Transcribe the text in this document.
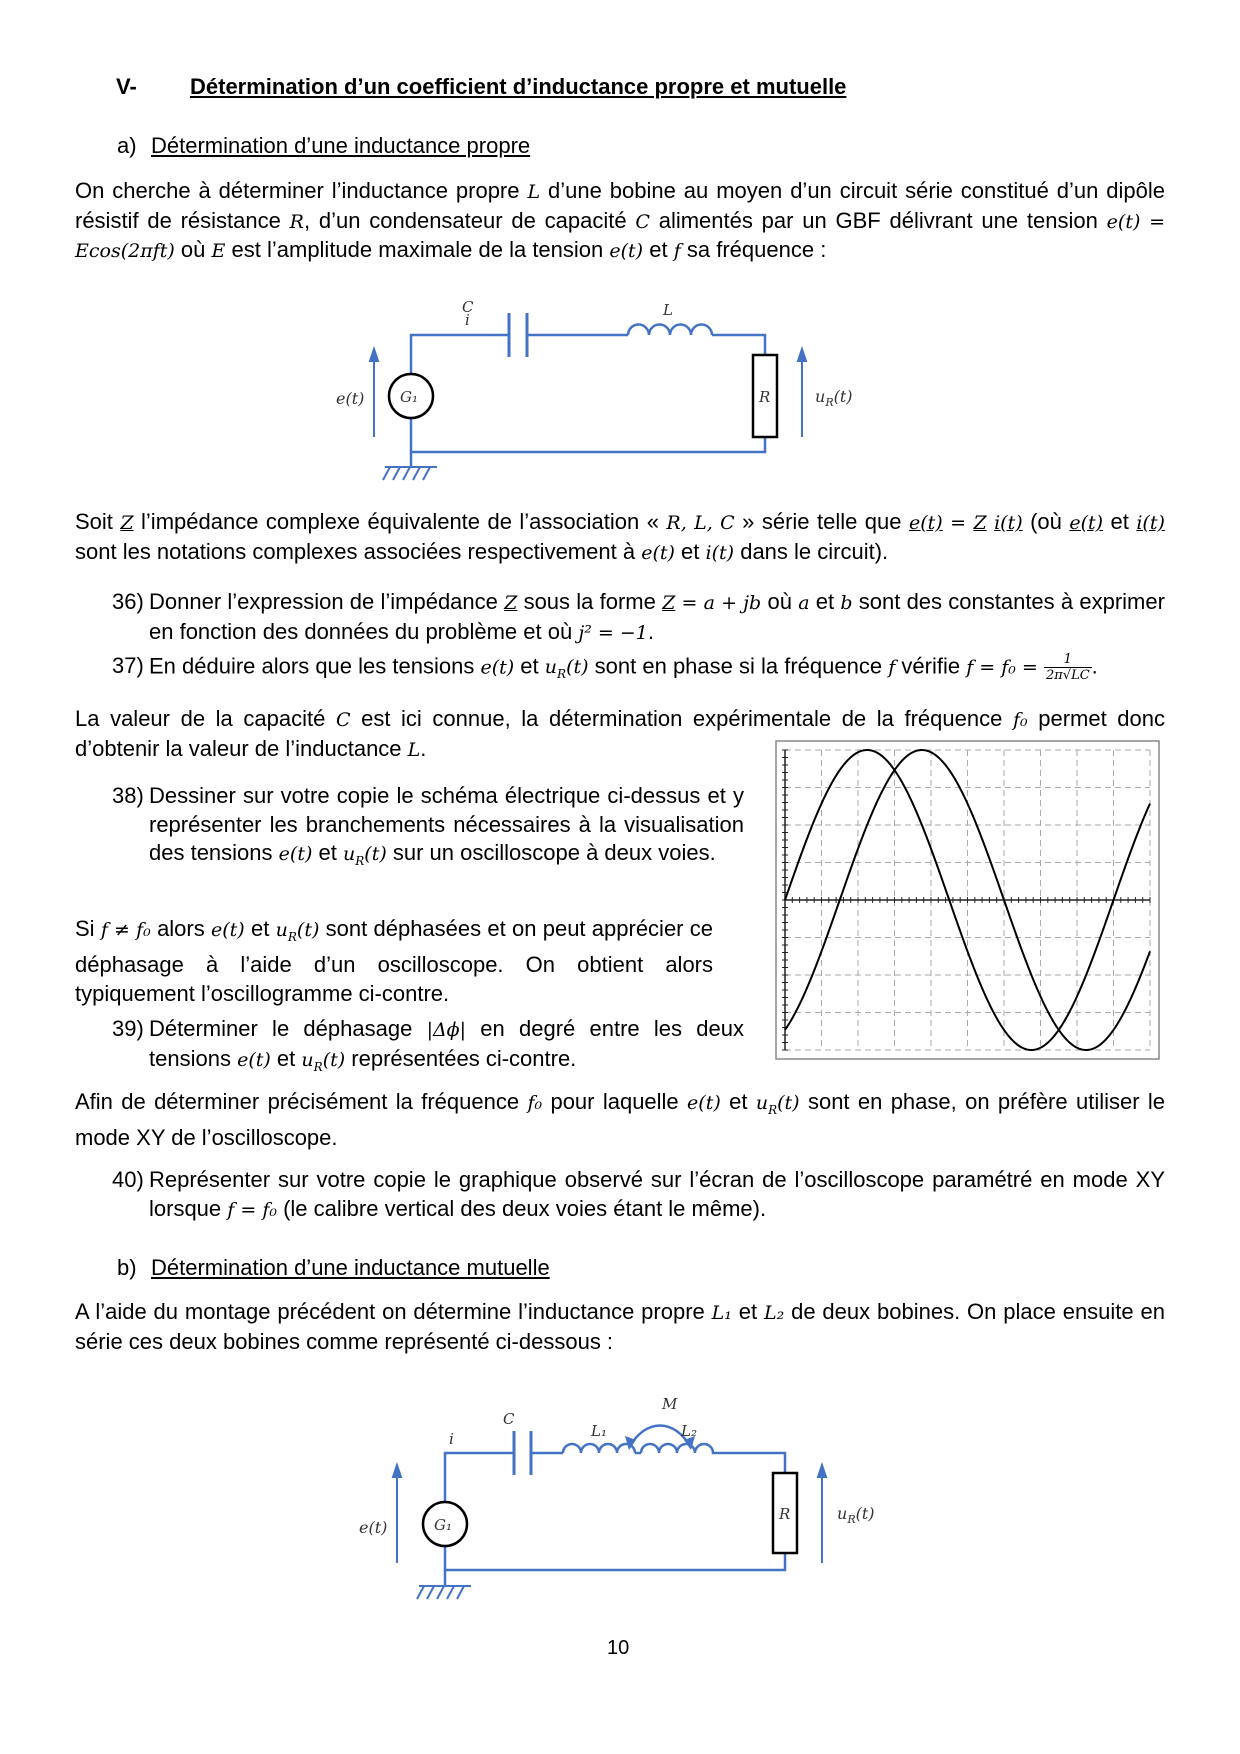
V- Détermination d’un coefficient d’inductance propre et mutuelle
a) Détermination d’une inductance propre

On cherche à déterminer l’inductance propre L d’une bobine au moyen d’un circuit série constitué d’un dipôle résistif de résistance R, d’un condensateur de capacité C alimentés par un GBF délivrant une tension e(t) = Ecos(2πft) où E est l’amplitude maximale de la tension e(t) et f sa fréquence :

C
i
L
R
G₁
e(t)	$u_R(t)$

Soit Z l’impédance complexe équivalente de l’association « R, L, C » série telle que e(t) = Z i(t) (où e(t) et i(t) sont les notations complexes associées respectivement à e(t) et i(t) dans le circuit).

36) Donner l’expression de l’impédance Z sous la forme Z = a + jb où a et b sont des constantes à exprimer en fonction des données du problème et où j² = −1.
37) En déduire alors que les tensions e(t) et $u_R(t)$ sont en phase si la fréquence f vérifie $f = f_0 = \frac{1}{2\pi√LC}$ .

La valeur de la capacité C est ici connue, la détermination expérimentale de la fréquence f₀ permet donc d’obtenir la valeur de l’inductance L.

38) Dessiner sur votre copie le schéma électrique ci-dessus et y représenter les branchements nécessaires à la visualisation des tensions e(t) et $u_R(t)$ sur un oscilloscope à deux voies.

Si f ≠ f₀ alors e(t) et $u_R(t)$ sont déphasées et on peut apprécier ce déphasage à l’aide d’un oscilloscope. On obtient alors typiquement l’oscillogramme ci-contre.

39) Déterminer le déphasage |Δϕ| en degré entre les deux tensions e(t) et $u_R(t)$ représentées ci-contre.

Afin de déterminer précisément la fréquence f₀ pour laquelle e(t) et $u_R(t)$ sont en phase, on préfère utiliser le mode XY de l’oscilloscope.

40) Représenter sur votre copie le graphique observé sur l’écran de l’oscilloscope paramétré en mode XY lorsque f = f₀ (le calibre vertical des deux voies étant le même).
b) Détermination d’une inductance mutuelle

A l’aide du montage précédent on détermine l’inductance propre L₁ et L₂ de deux bobines. On place ensuite en série ces deux bobines comme représenté ci-dessous :

C
i	L₁	L₂
M
R
G₁
e(t)
$u_R(t)$
10
